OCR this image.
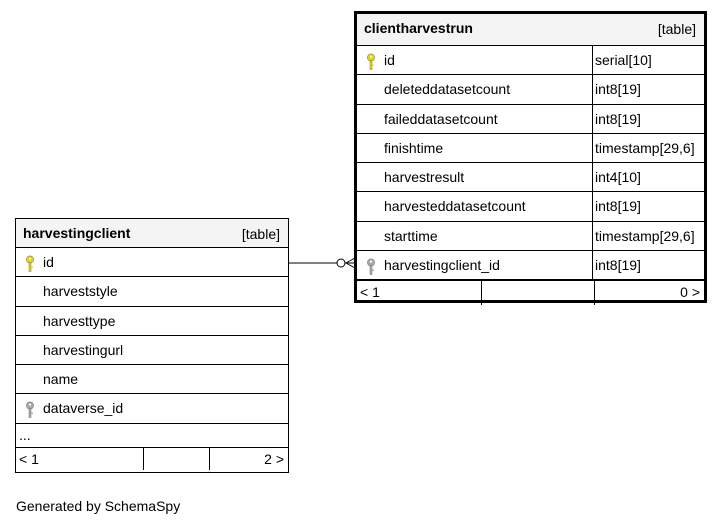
harvestingclient	[table]
id
harveststyle
harvesttype
harvestingurl
name
dataverse_id
...
< 1	2 >
clientharvestrun	[table]
id	serial[10]
deleteddatasetcount	int8[19]
faileddatasetcount	int8[19]
finishtime	timestamp[29,6]
harvestresult	int4[10]
harvesteddatasetcount	int8[19]
starttime	timestamp[29,6]
harvestingclient_id	int8[19]
< 1	0 >
Generated by SchemaSpy
